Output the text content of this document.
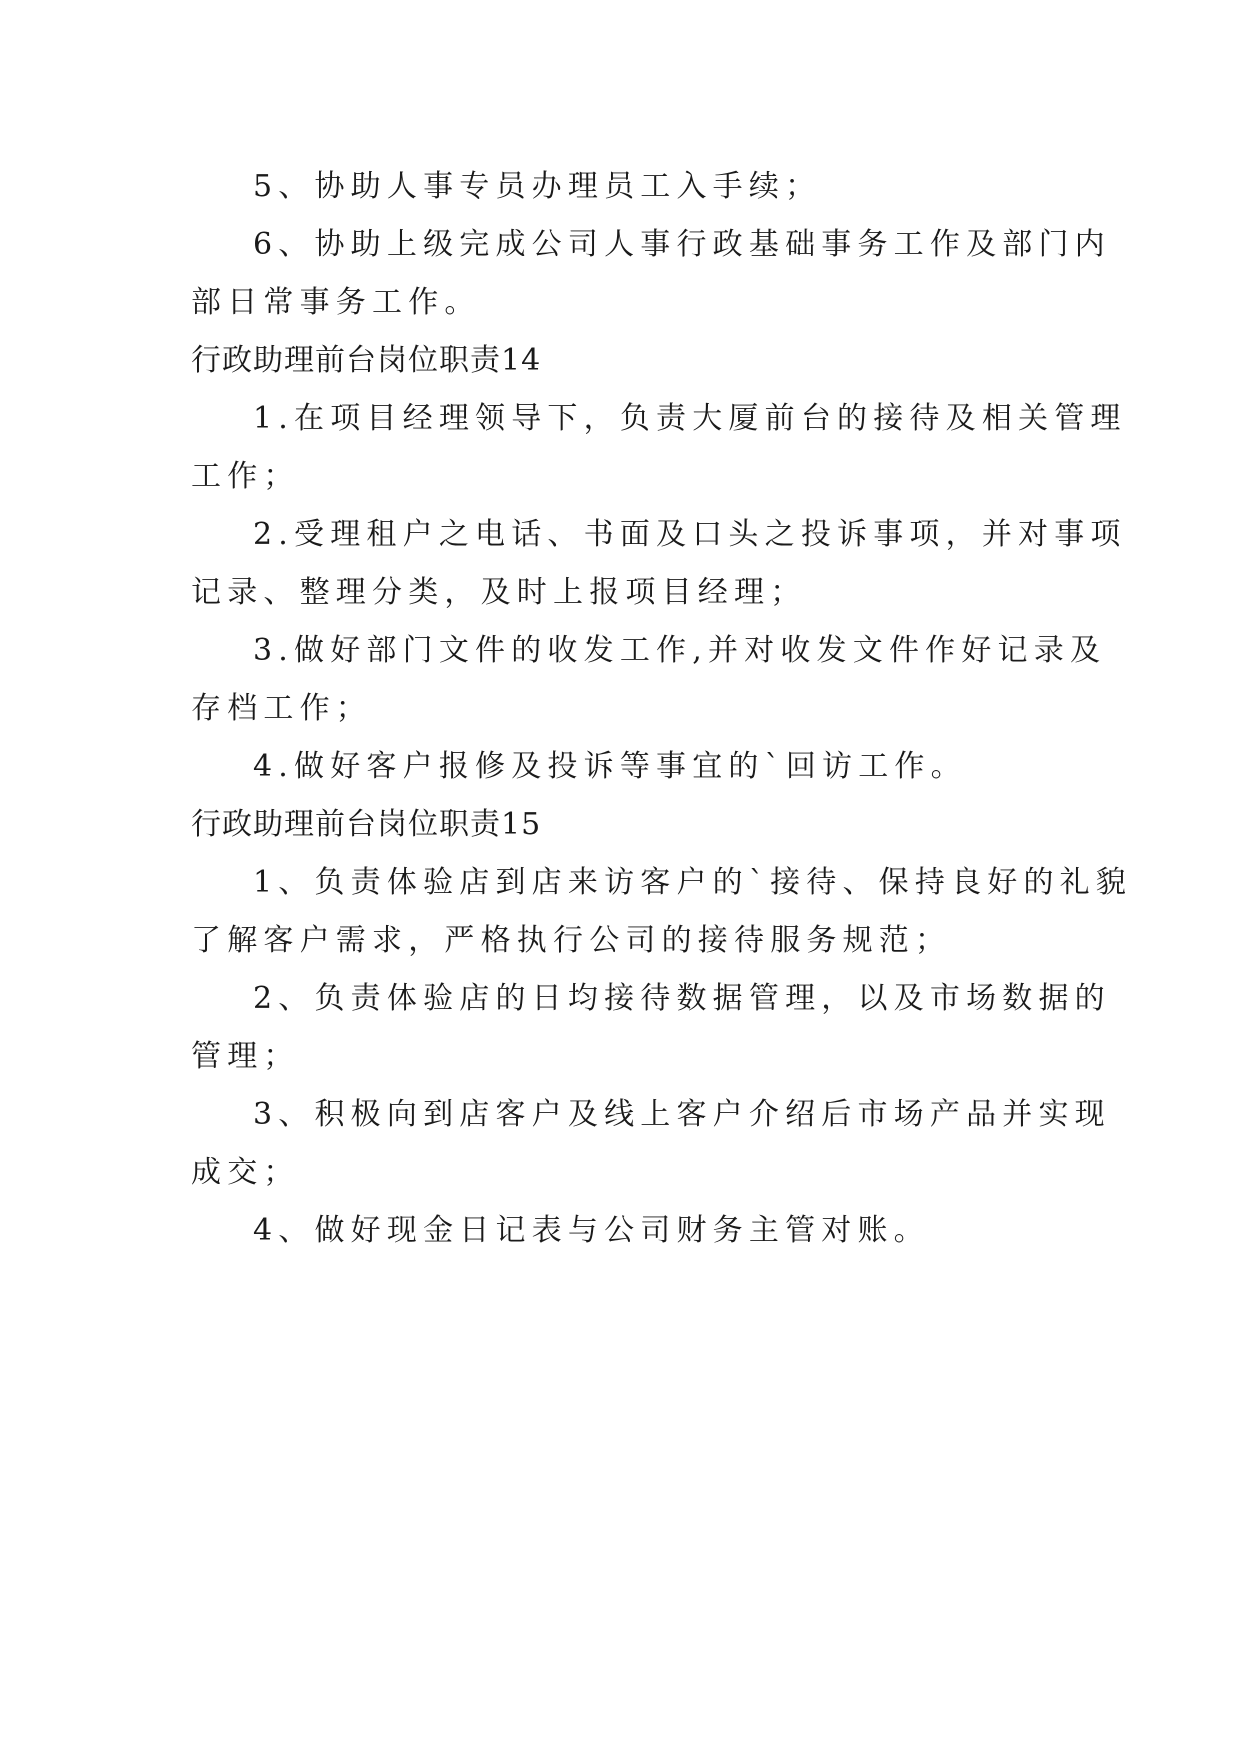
5、协助人事专员办理员工入手续；
6、协助上级完成公司人事行政基础事务工作及部门内
部日常事务工作。
行政助理前台岗位职责14
1.在项目经理领导下，负责大厦前台的接待及相关管理
工作；
2.受理租户之电话、书面及口头之投诉事项，并对事项
记录、整理分类，及时上报项目经理；
3.做好部门文件的收发工作,并对收发文件作好记录及
存档工作；
4.做好客户报修及投诉等事宜的`回访工作。
行政助理前台岗位职责15
1、负责体验店到店来访客户的`接待、保持良好的礼貌
了解客户需求，严格执行公司的接待服务规范；
2、负责体验店的日均接待数据管理，以及市场数据的
管理；
3、积极向到店客户及线上客户介绍后市场产品并实现
成交；
4、做好现金日记表与公司财务主管对账。
